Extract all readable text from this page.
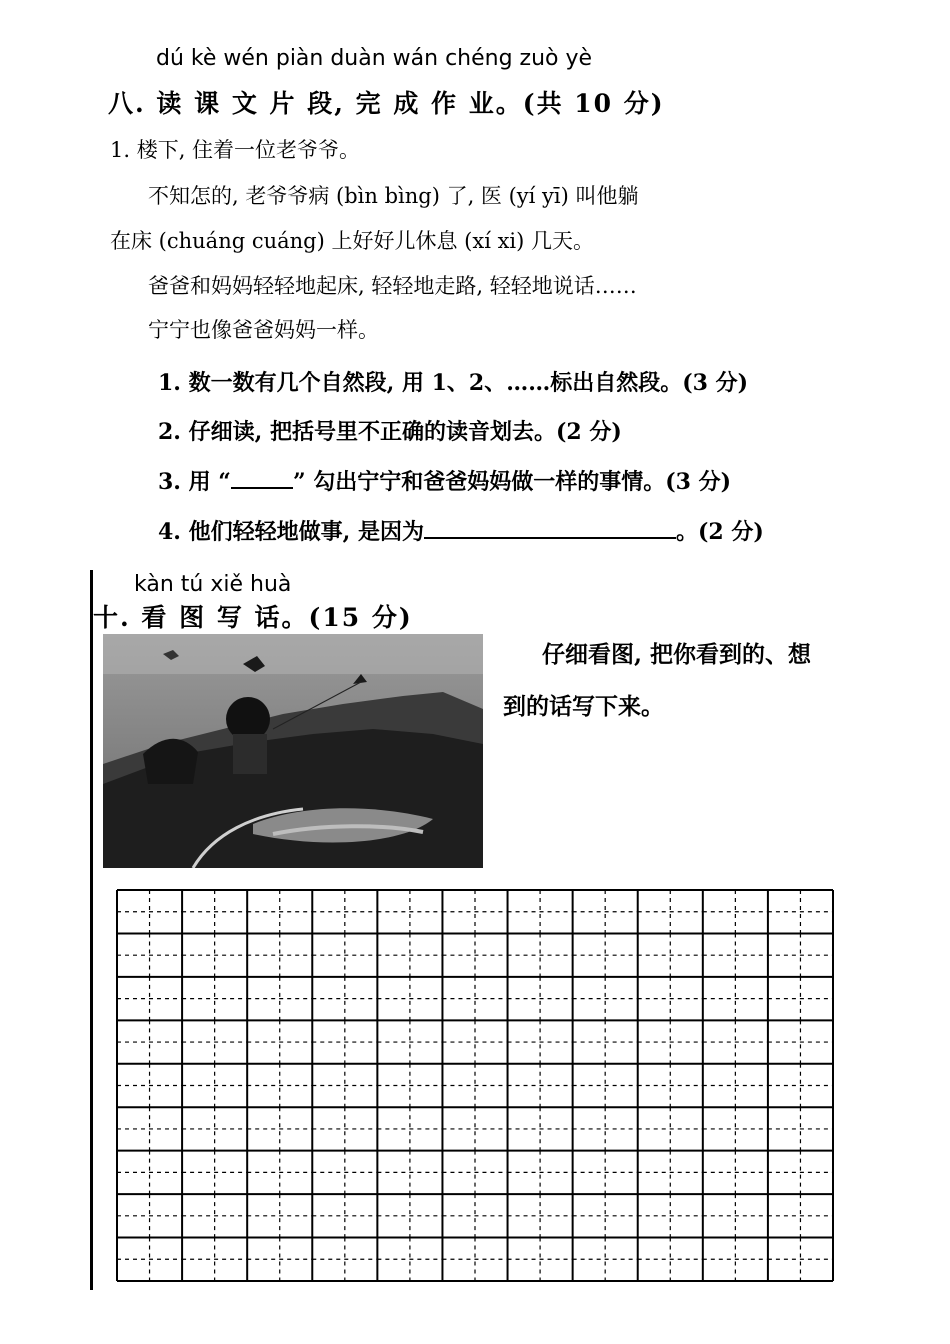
dú kè wén piàn duàn wán chéng zuò yè
八. 读 课 文 片 段, 完 成 作 业。(共 10 分)
1. 楼下, 住着一位老爷爷。
不知怎的, 老爷爷病 (bìn bìng) 了, 医 (yí yī) 叫他躺
在床 (chuáng cuáng) 上好好儿休息 (xí xi) 几天。
爸爸和妈妈轻轻地起床, 轻轻地走路, 轻轻地说话……
宁宁也像爸爸妈妈一样。
1. 数一数有几个自然段, 用 1、2、……标出自然段。(3 分)
2. 仔细读, 把括号里不正确的读音划去。(2 分)
3. 用 “	” 勾出宁宁和爸爸妈妈做一样的事情。(3 分)
4. 他们轻轻地做事, 是因为	。(2 分)
kàn tú xiě huà
十. 看 图 写 话。(15 分)
仔细看图, 把你看到的、想
到的话写下来。
